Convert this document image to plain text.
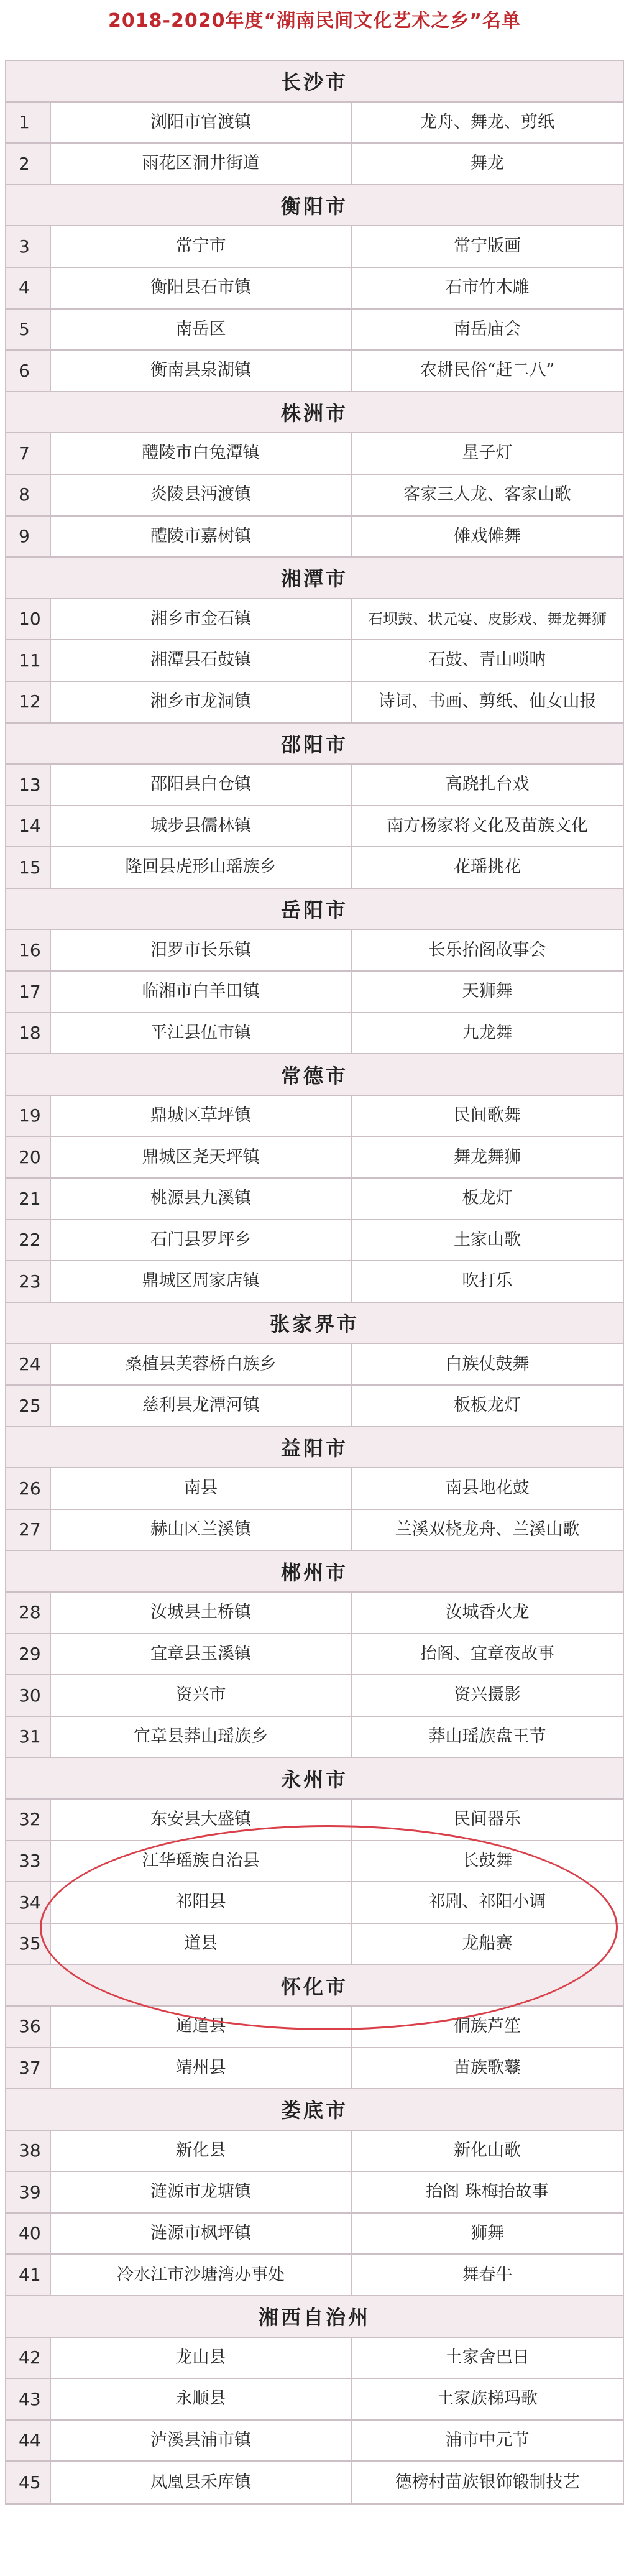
2018-2020年度“湖南民间文化艺术之乡”名单
长沙市
1	浏阳市官渡镇	龙舟、舞龙、剪纸
2	雨花区洞井街道	舞龙
衡阳市
3	常宁市	常宁版画
4	衡阳县石市镇	石市竹木雕
5	南岳区	南岳庙会
6	衡南县泉湖镇	农耕民俗“赶二八”
株洲市
7	醴陵市白兔潭镇	星子灯
8	炎陵县沔渡镇	客家三人龙、客家山歌
9	醴陵市嘉树镇	傩戏傩舞
湘潭市
10	湘乡市金石镇	石坝鼓、状元宴、皮影戏、舞龙舞狮
11	湘潭县石鼓镇	石鼓、青山唢呐
12	湘乡市龙洞镇	诗词、书画、剪纸、仙女山报
邵阳市
13	邵阳县白仓镇	高跷扎台戏
14	城步县儒林镇	南方杨家将文化及苗族文化
15	隆回县虎形山瑶族乡	花瑶挑花
岳阳市
16	汨罗市长乐镇	长乐抬阁故事会
17	临湘市白羊田镇	天狮舞
18	平江县伍市镇	九龙舞
常德市
19	鼎城区草坪镇	民间歌舞
20	鼎城区尧天坪镇	舞龙舞狮
21	桃源县九溪镇	板龙灯
22	石门县罗坪乡	土家山歌
23	鼎城区周家店镇	吹打乐
张家界市
24	桑植县芙蓉桥白族乡	白族仗鼓舞
25	慈利县龙潭河镇	板板龙灯
益阳市
26	南县	南县地花鼓
27	赫山区兰溪镇	兰溪双桡龙舟、兰溪山歌
郴州市
28	汝城县土桥镇	汝城香火龙
29	宜章县玉溪镇	抬阁、宜章夜故事
30	资兴市	资兴摄影
31	宜章县莽山瑶族乡	莽山瑶族盘王节
永州市
32	东安县大盛镇	民间器乐
33	江华瑶族自治县	长鼓舞
34	祁阳县	祁剧、祁阳小调
35	道县	龙船赛
怀化市
36	通道县	侗族芦笙
37	靖州县	苗族歌鼟
娄底市
38	新化县	新化山歌
39	涟源市龙塘镇	抬阁 珠梅抬故事
40	涟源市枫坪镇	狮舞
41	冷水江市沙塘湾办事处	舞春牛
湘西自治州
42	龙山县	土家舍巴日
43	永顺县	土家族梯玛歌
44	泸溪县浦市镇	浦市中元节
45	凤凰县禾库镇	德榜村苗族银饰锻制技艺
